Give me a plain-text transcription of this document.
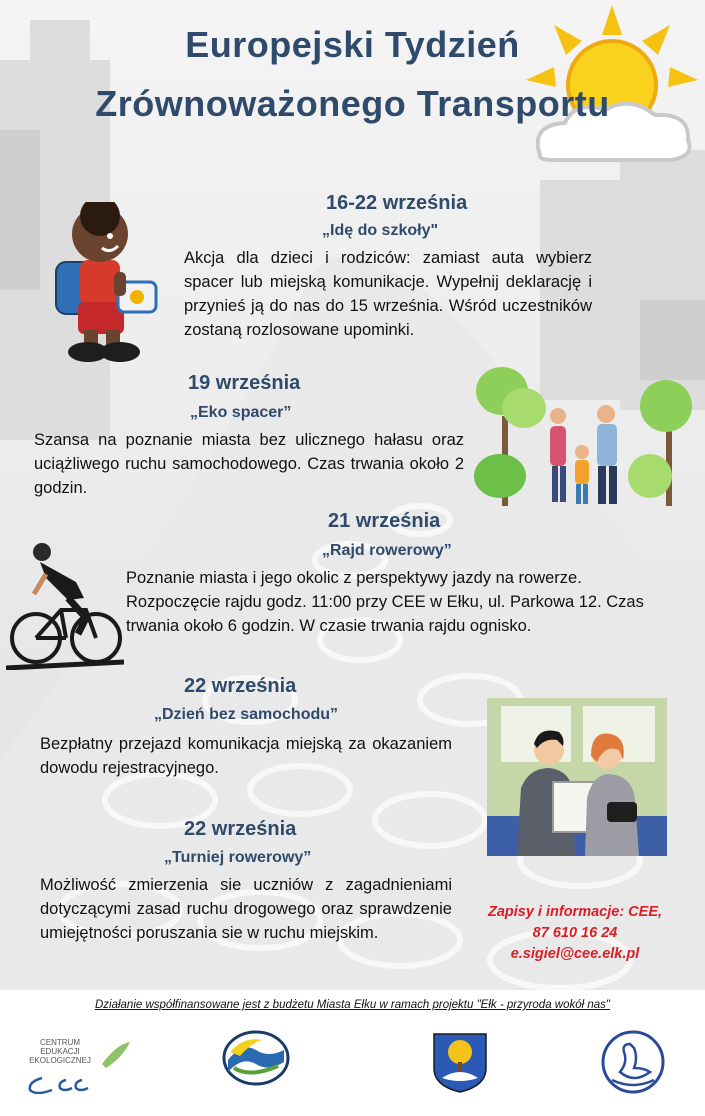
Europejski Tydzień
Zrównoważonego Transportu
16-22 września
„Idę do szkoły"
Akcja dla dzieci i rodziców: zamiast auta wybierz spacer lub miejską komunikacje. Wypełnij deklarację i przynieś ją do nas do 15 września. Wśród uczestników zostaną rozlosowane upominki.
19 września
„Eko spacer”
Szansa na poznanie miasta bez ulicznego hałasu oraz uciążliwego ruchu samochodowego. Czas trwania około 2 godzin.
21 września
„Rajd rowerowy”
Poznanie miasta i jego okolic z perspektywy jazdy na rowerze. Rozpoczęcie rajdu godz. 11:00 przy CEE w Ełku, ul. Parkowa 12. Czas trwania około 6 godzin. W czasie trwania rajdu ognisko.
22 września
„Dzień bez samochodu”
Bezpłatny przejazd komunikacja miejską za okazaniem dowodu rejestracyjnego.
22 września
„Turniej rowerowy”
Możliwość zmierzenia sie uczniów z zagadnieniami dotyczącymi zasad ruchu drogowego oraz sprawdzenie umiejętności poruszania sie w ruchu miejskim.
Zapisy i informacje: CEE,
87 610 16 24
e.sigiel@cee.elk.pl
Działanie współfinansowane jest z budżetu Miasta Ełku w ramach projektu "Ełk - przyroda wokół nas"
CENTRUM EDUKACJI EKOLOGICZNEJ
